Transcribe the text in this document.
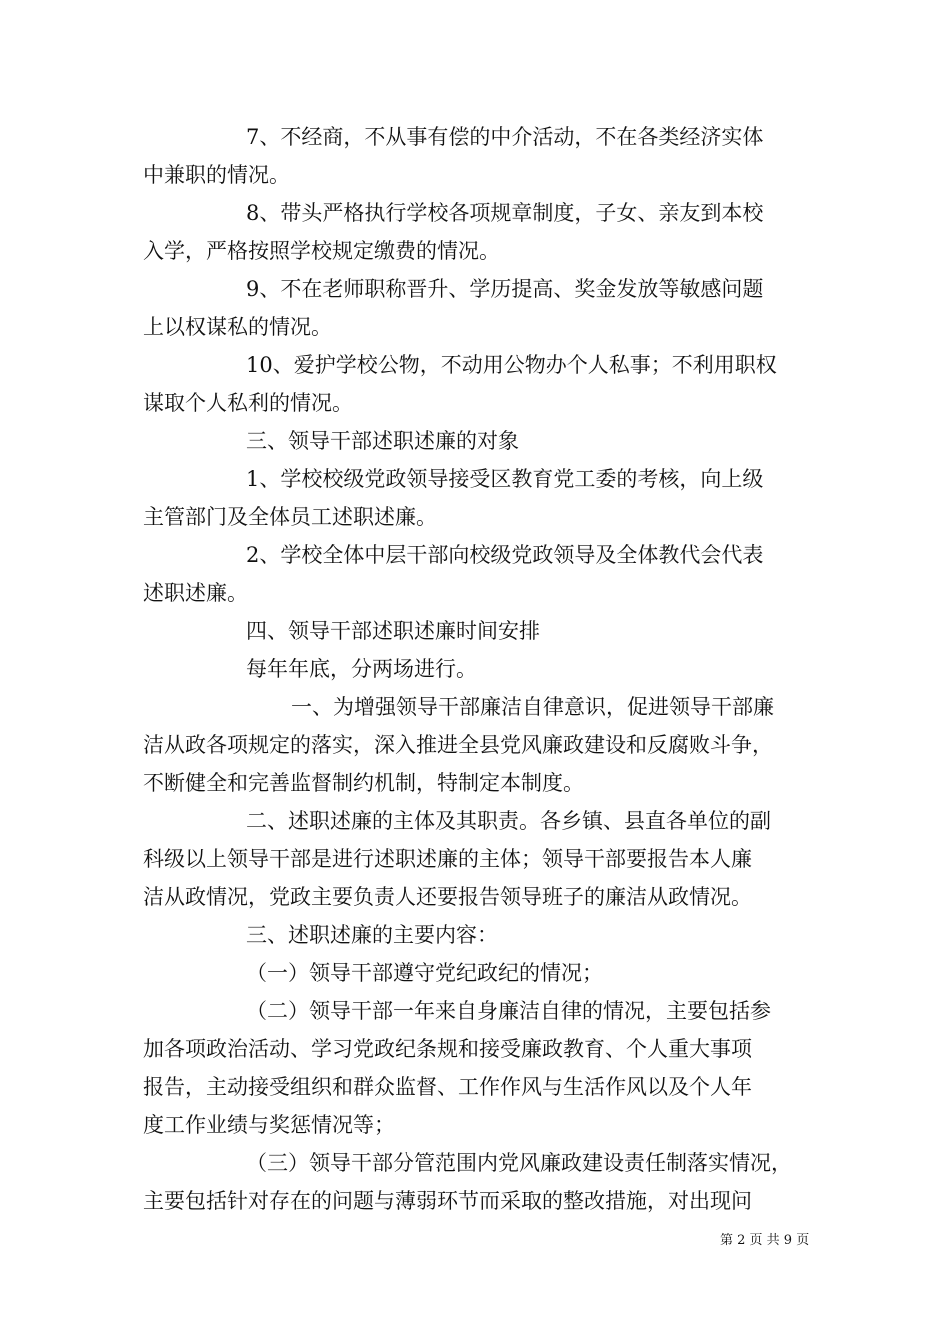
7、不经商，不从事有偿的中介活动，不在各类经济实体
中兼职的情况。
8、带头严格执行学校各项规章制度，子女、亲友到本校
入学，严格按照学校规定缴费的情况。
9、不在老师职称晋升、学历提高、奖金发放等敏感问题
上以权谋私的情况。
10、爱护学校公物，不动用公物办个人私事；不利用职权
谋取个人私利的情况。
三、领导干部述职述廉的对象
1、学校校级党政领导接受区教育党工委的考核，向上级
主管部门及全体员工述职述廉。
2、学校全体中层干部向校级党政领导及全体教代会代表
述职述廉。
四、领导干部述职述廉时间安排
每年年底，分两场进行。
一、为增强领导干部廉洁自律意识，促进领导干部廉
洁从政各项规定的落实，深入推进全县党风廉政建设和反腐败斗争，
不断健全和完善监督制约机制，特制定本制度。
二、述职述廉的主体及其职责。各乡镇、县直各单位的副
科级以上领导干部是进行述职述廉的主体；领导干部要报告本人廉
洁从政情况，党政主要负责人还要报告领导班子的廉洁从政情况。
三、述职述廉的主要内容：
（一）领导干部遵守党纪政纪的情况；
（二）领导干部一年来自身廉洁自律的情况，主要包括参
加各项政治活动、学习党政纪条规和接受廉政教育、个人重大事项
报告，主动接受组织和群众监督、工作作风与生活作风以及个人年
度工作业绩与奖惩情况等；
（三）领导干部分管范围内党风廉政建设责任制落实情况，
主要包括针对存在的问题与薄弱环节而采取的整改措施，对出现问
第 2 页 共 9 页
